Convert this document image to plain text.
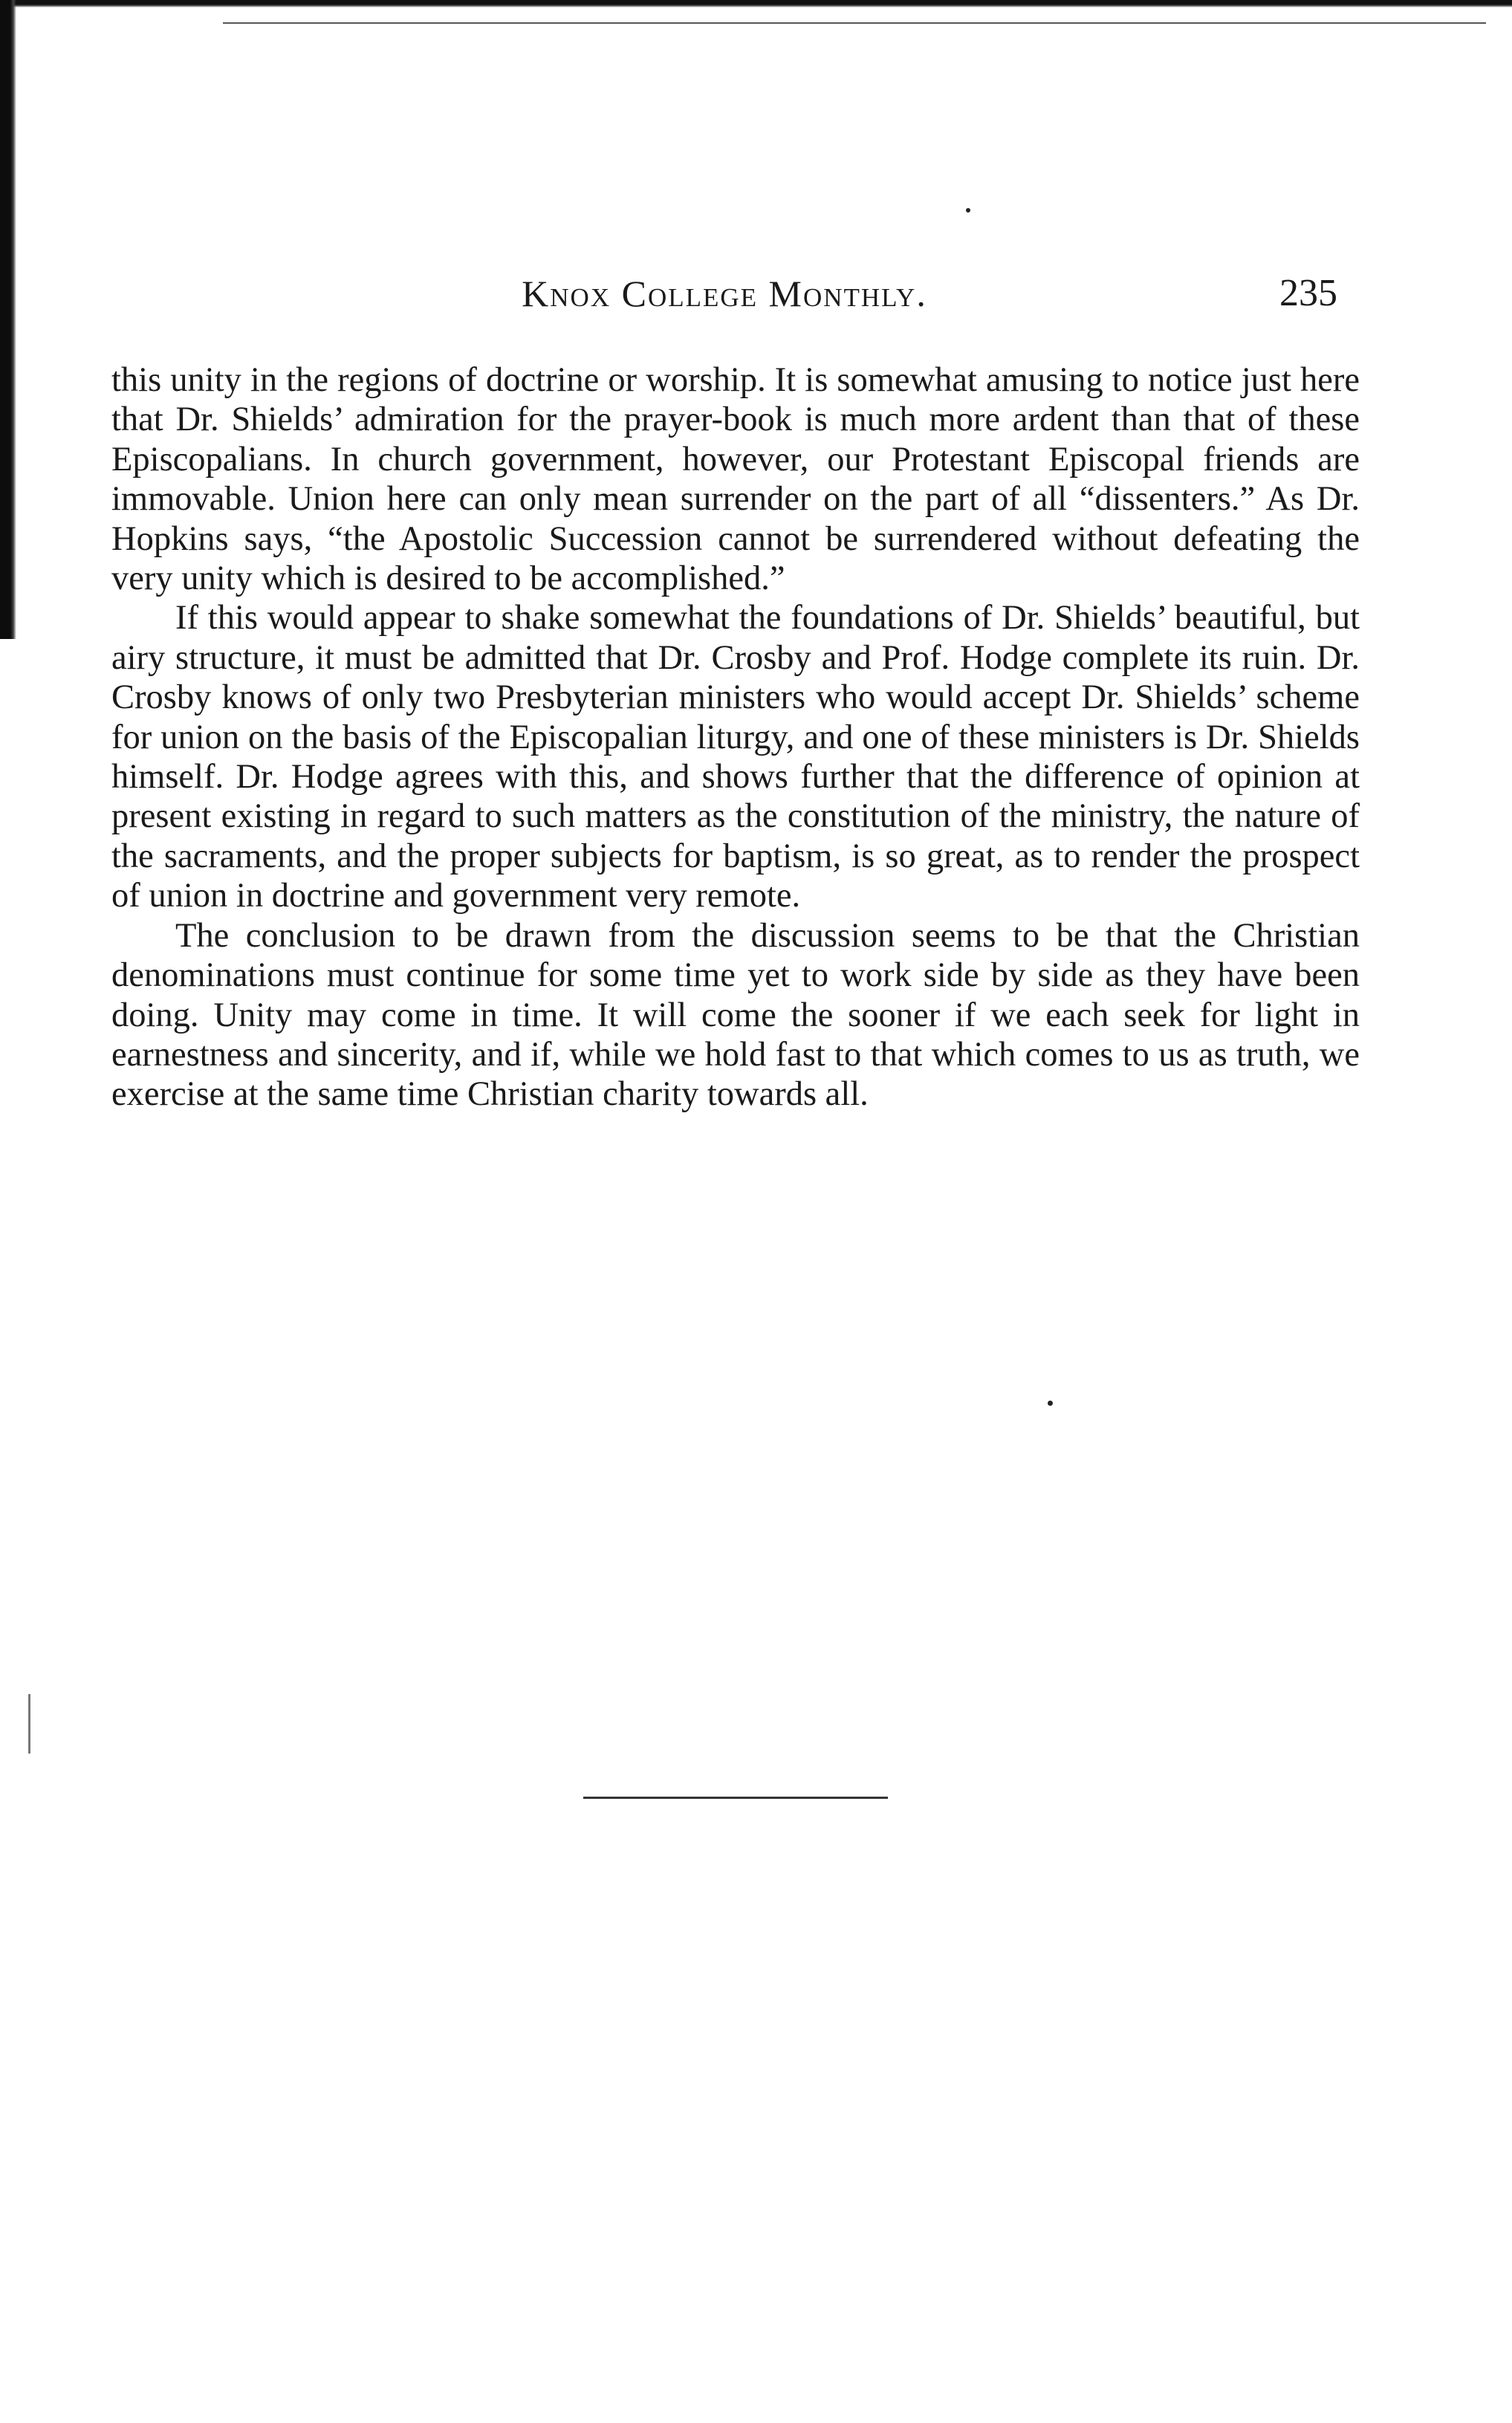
Knox College Monthly.	235

this unity in the regions of doctrine or worship. It is somewhat amusing to notice just here that Dr. Shields’ admiration for the prayer-book is much more ardent than that of these Episcopalians. In church government, however, our Protestant Episcopal friends are immovable. Union here can only mean surrender on the part of all “dissenters.” As Dr. Hopkins says, “the Apostolic Succession cannot be surrendered without defeating the very unity which is desired to be accomplished.”

If this would appear to shake somewhat the foundations of Dr. Shields’ beautiful, but airy structure, it must be admitted that Dr. Crosby and Prof. Hodge complete its ruin. Dr. Crosby knows of only two Presbyterian ministers who would accept Dr. Shields’ scheme for union on the basis of the Episcopalian liturgy, and one of these ministers is Dr. Shields himself. Dr. Hodge agrees with this, and shows further that the difference of opinion at present existing in regard to such matters as the constitution of the ministry, the nature of the sacraments, and the proper subjects for baptism, is so great, as to render the prospect of union in doctrine and government very remote.

The conclusion to be drawn from the discussion seems to be that the Christian denominations must continue for some time yet to work side by side as they have been doing. Unity may come in time. It will come the sooner if we each seek for light in earnestness and sincerity, and if, while we hold fast to that which comes to us as truth, we exercise at the same time Christian charity towards all.
